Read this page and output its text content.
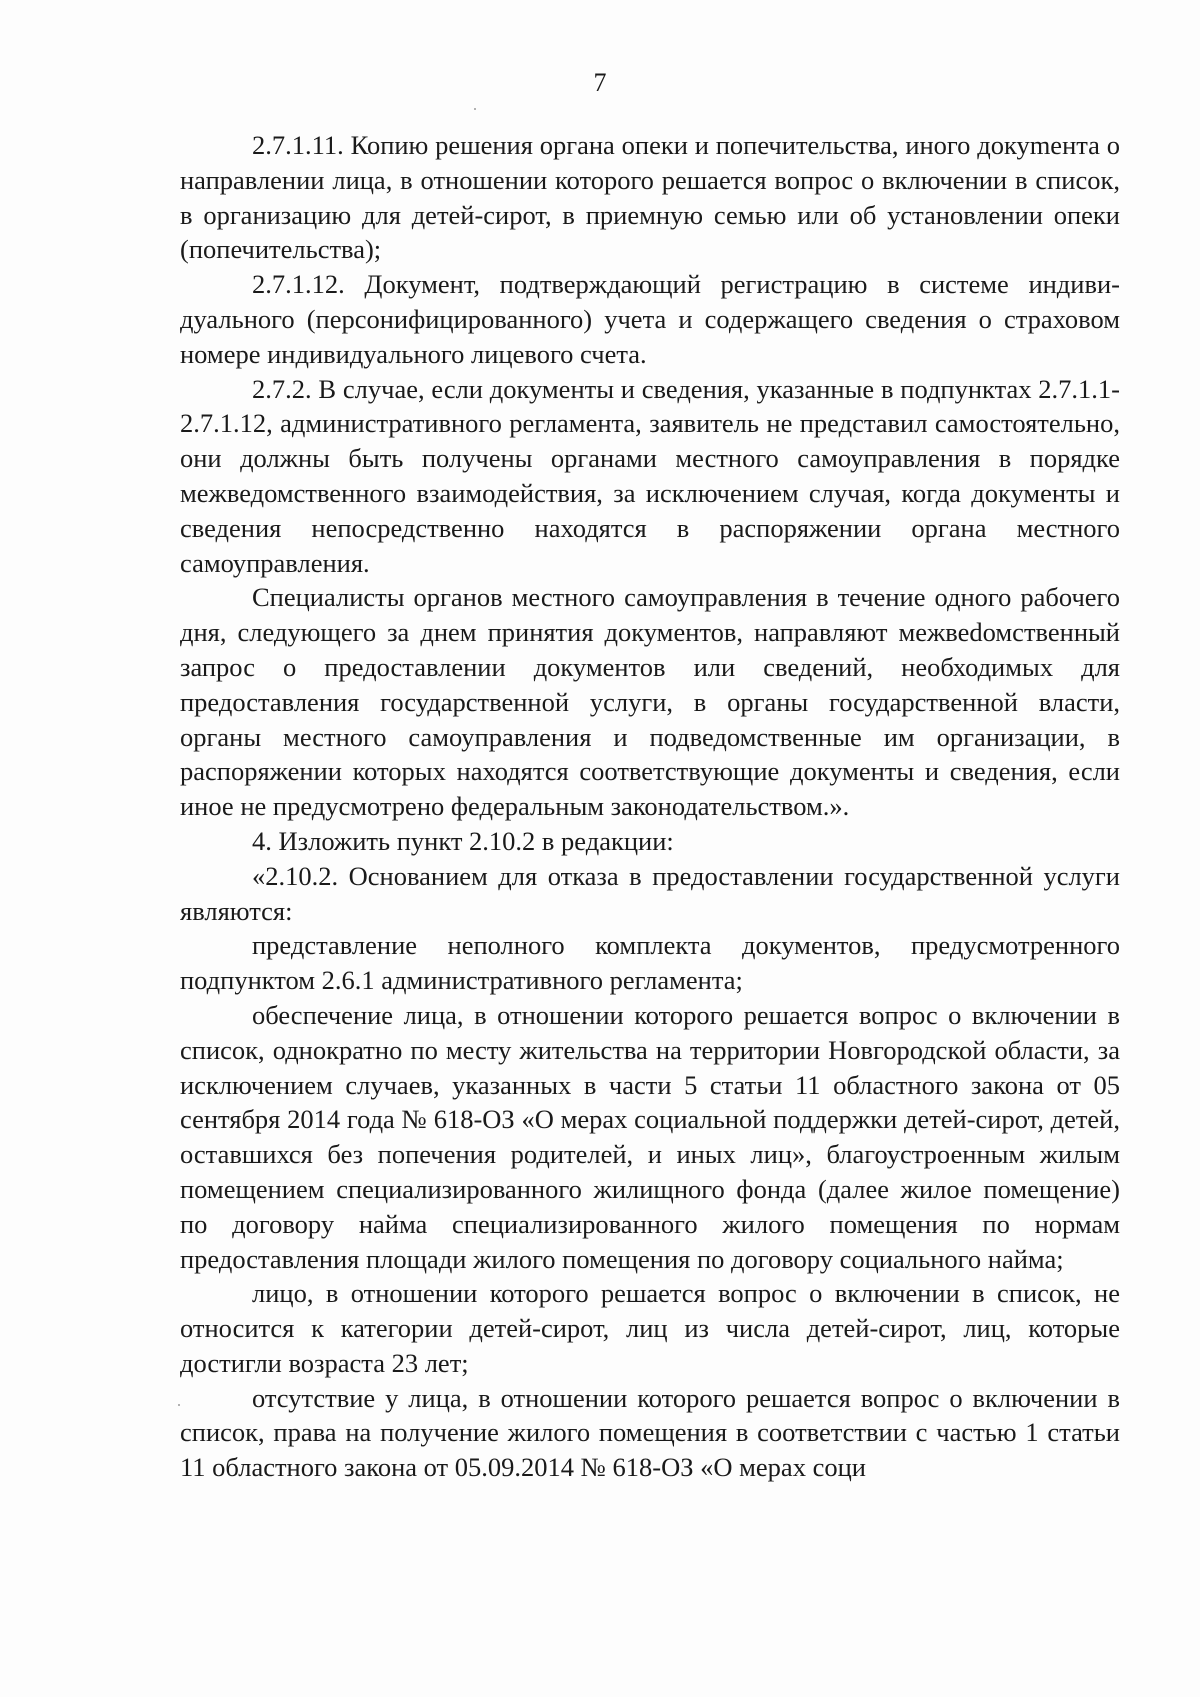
7

2.7.1.11. Копию решения органа опеки и попечительства, иного докуmента о направлении лица, в отношении которого решается вопрос о включении в список, в организацию для детей-сирот, в приемную семью или об установлении опеки (попечительства);

2.7.1.12. Документ, подтверждающий регистрацию в системе индивидуального (персонифицированного) учета и содержащего сведения о страховом номере индивидуального лицевого счета.

2.7.2. В случае, если документы и сведения, указанные в подпунктах 2.7.1.1-2.7.1.12, административного регламента, заявитель не представил самостоятельно, они должны быть получены органами местного самоуправления в порядке межведомственного взаимодействия, за исключением случая, когда документы и сведения непосредственно находятся в распоряжении органа местного самоуправления.

Специалисты органов местного самоуправления в течение одного рабочего дня, следующего за днем принятия документов, направляют межвеdомственный запрос о предоставлении документов или сведений, необходимых для предоставления государственной услуги, в органы государственной власти, органы местного самоуправления и подведомственные им организации, в распоряжении которых находятся соответствующие документы и сведения, если иное не предусмотрено федеральным законодательством.».

4. Изложить пункт 2.10.2 в редакции:

«2.10.2. Основанием для отказа в предоставлении государственной услуги являются:

представление неполного комплекта документов, предусмотренного подпунктом 2.6.1 административного регламента;

обеспечение лица, в отношении которого решается вопрос о включении в список, однократно по месту жительства на территории Новгородской области, за исключением случаев, указанных в части 5 статьи 11 областного закона от 05 сентября 2014 года № 618-ОЗ «О мерах социальной поддержки детей-сирот, детей, оставшихся без попечения родителей, и иных лиц», благоустроенным жилым помещением специализированного жилищного фонда (далее жилое помещение) по договору найма специализированного жилого помещения по нормам предоставления площади жилого помещения по договору социального найма;

лицо, в отношении которого решается вопрос о включении в список, не относится к категории детей-сирот, лиц из числа детей-сирот, лиц, которые достигли возраста 23 лет;

отсутствие у лица, в отношении которого решается вопрос о включении в список, права на получение жилого помещения в соответствии с частью 1 статьи 11 областного закона от 05.09.2014 № 618-ОЗ «О мерах соци
